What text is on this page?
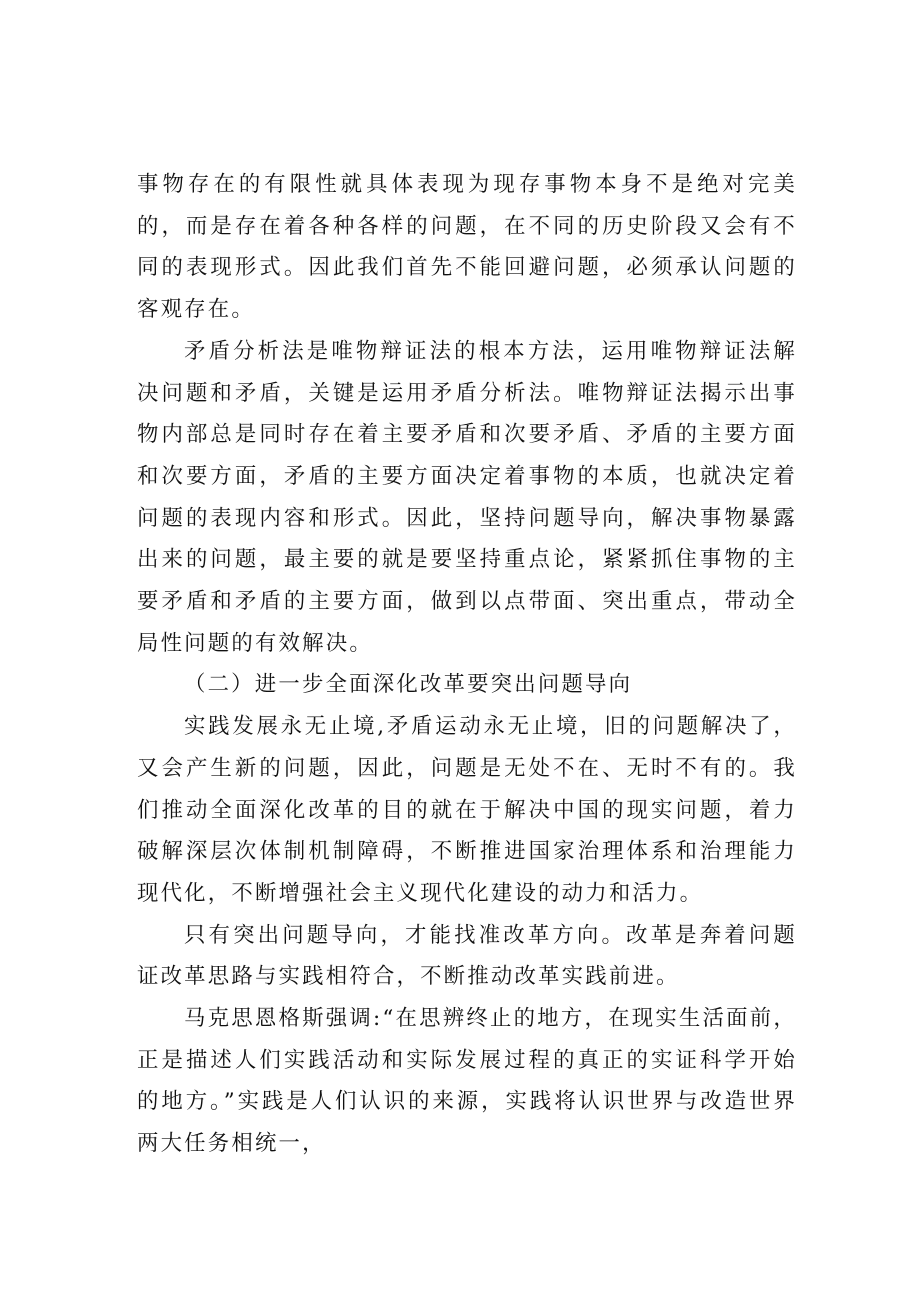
事物存在的有限性就具体表现为现存事物本身不是绝对完美的，而是存在着各种各样的问题，在不同的历史阶段又会有不同的表现形式。因此我们首先不能回避问题，必须承认问题的客观存在。

矛盾分析法是唯物辩证法的根本方法，运用唯物辩证法解决问题和矛盾，关键是运用矛盾分析法。唯物辩证法揭示出事物内部总是同时存在着主要矛盾和次要矛盾、矛盾的主要方面和次要方面，矛盾的主要方面决定着事物的本质，也就决定着问题的表现内容和形式。因此，坚持问题导向，解决事物暴露出来的问题，最主要的就是要坚持重点论，紧紧抓住事物的主要矛盾和矛盾的主要方面，做到以点带面、突出重点，带动全局性问题的有效解决。

（二）进一步全面深化改革要突出问题导向

实践发展永无止境,矛盾运动永无止境，旧的问题解决了，又会产生新的问题，因此，问题是无处不在、无时不有的。我们推动全面深化改革的目的就在于解决中国的现实问题，着力破解深层次体制机制障碍，不断推进国家治理体系和治理能力现代化，不断增强社会主义现代化建设的动力和活力。

只有突出问题导向，才能找准改革方向。改革是奔着问题证改革思路与实践相符合，不断推动改革实践前进。

马克思恩格斯强调:“在思辨终止的地方，在现实生活面前，正是描述人们实践活动和实际发展过程的真正的实证科学开始的地方。”实践是人们认识的来源，实践将认识世界与改造世界两大任务相统一，
